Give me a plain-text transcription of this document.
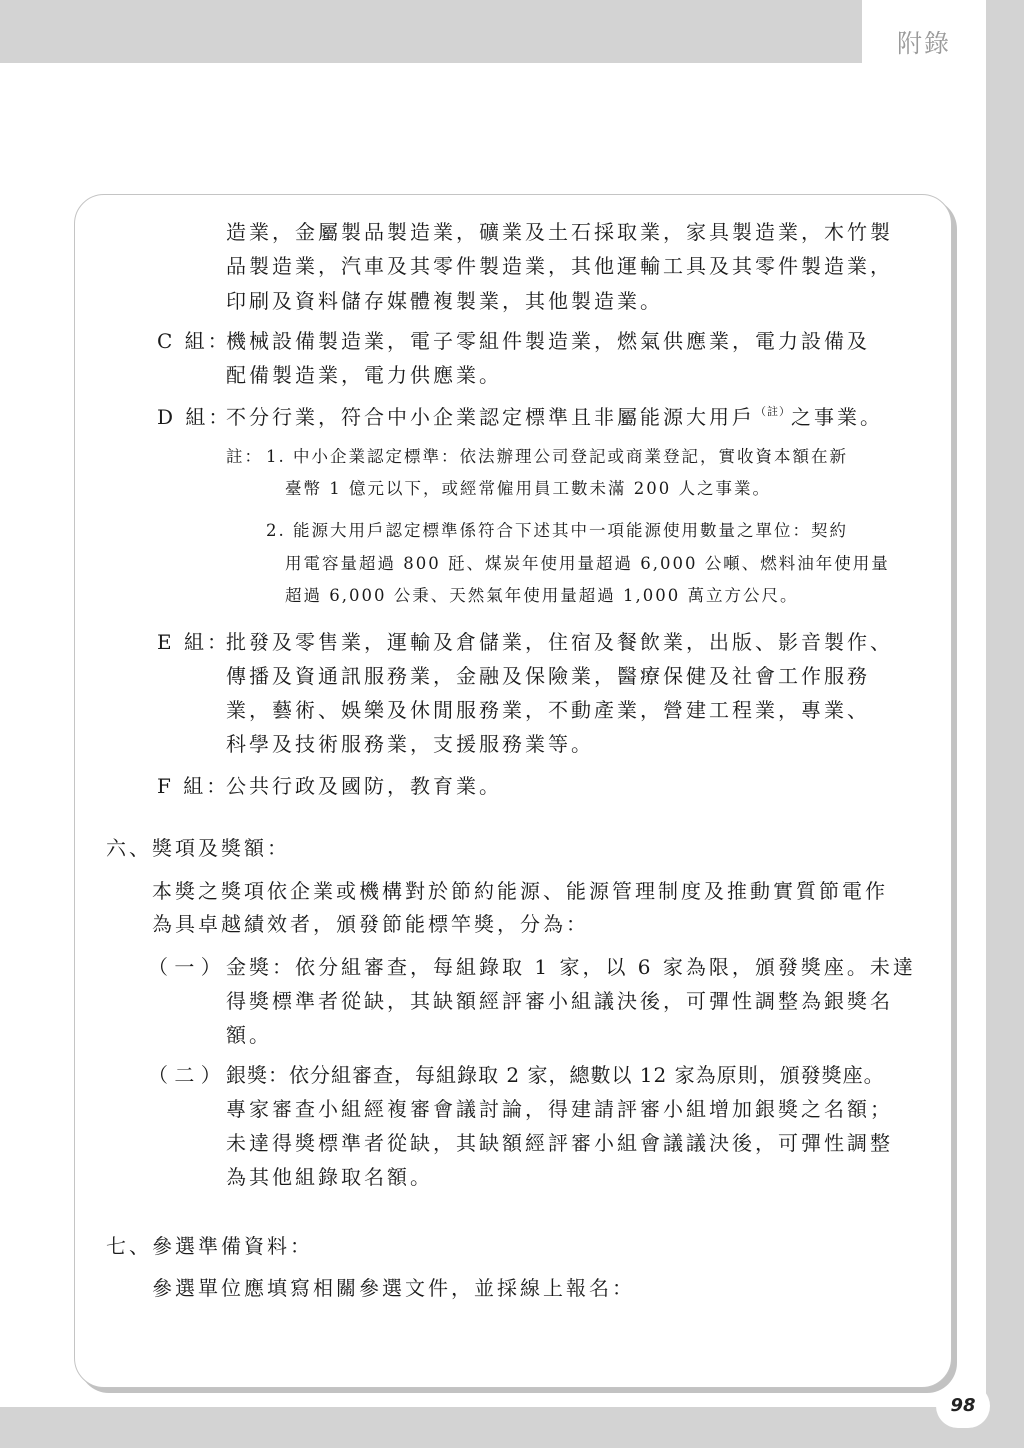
附錄
98
造業，金屬製品製造業，礦業及土石採取業，家具製造業，木竹製
品製造業，汽車及其零件製造業，其他運輸工具及其零件製造業，
印刷及資料儲存媒體複製業，其他製造業。
C 組：
機械設備製造業，電子零組件製造業，燃氣供應業，電力設備及
配備製造業，電力供應業。
D 組：
不分行業，符合中小企業認定標準且非屬能源大用戶$^{(註)}$之事業。
註： 1. 中小企業認定標準：依法辦理公司登記或商業登記，實收資本額在新
臺幣 1 億元以下，或經常僱用員工數未滿 200 人之事業。
2. 能源大用戶認定標準係符合下述其中一項能源使用數量之單位：契約
用電容量超過 800 瓩、煤炭年使用量超過 6,000 公噸、燃料油年使用量
超過 6,000 公秉、天然氣年使用量超過 1,000 萬立方公尺。
E 組：
批發及零售業，運輸及倉儲業，住宿及餐飲業，出版、影音製作、
傳播及資通訊服務業，金融及保險業，醫療保健及社會工作服務
業，藝術、娛樂及休閒服務業，不動產業，營建工程業，專業、
科學及技術服務業，支援服務業等。
F 組：
公共行政及國防，教育業。
六、獎項及獎額：
本獎之獎項依企業或機構對於節約能源、能源管理制度及推動實質節電作
為具卓越績效者，頒發節能標竿獎，分為：
（ 一 ） 金獎：依分組審查，每組錄取 1 家，以 6 家為限，頒發獎座。未達
得獎標準者從缺，其缺額經評審小組議決後，可彈性調整為銀獎名
額。
（ 二 ） 銀獎：依分組審查，每組錄取 2 家，總數以 12 家為原則，頒發獎座。
專家審查小組經複審會議討論，得建請評審小組增加銀獎之名額；
未達得獎標準者從缺，其缺額經評審小組會議議決後，可彈性調整
為其他組錄取名額。
七、參選準備資料：
參選單位應填寫相關參選文件，並採線上報名：
